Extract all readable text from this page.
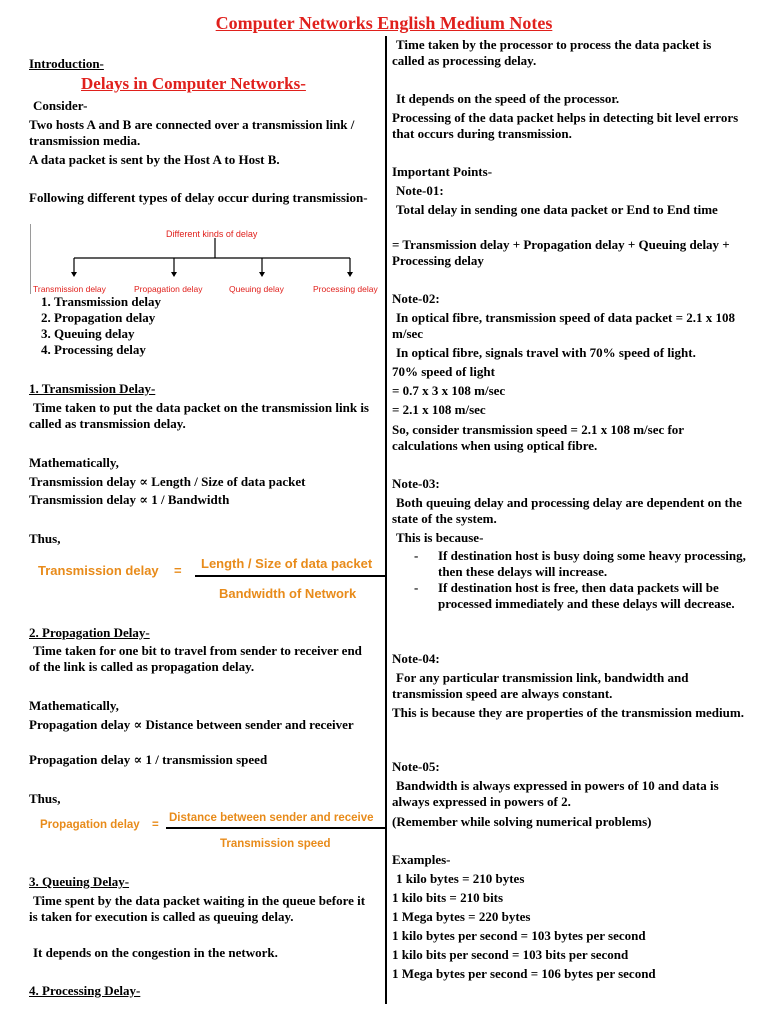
Computer Networks English Medium Notes
Introduction-
Delays in Computer Networks-
Consider-
Two hosts A and B are connected over a transmission link / transmission media.
A data packet is sent by the Host A to Host B.
Following different types of delay occur during transmission-
Different kinds of delay
Transmission delay	Propagation delay	Queuing delay	Processing delay
1. Transmission delay
2. Propagation delay
3. Queuing delay
4. Processing delay
1. Transmission Delay-
Time taken to put the data packet on the transmission link is called as transmission delay.
Mathematically,
Transmission delay ∝ Length / Size of data packet
Transmission delay ∝ 1 / Bandwidth
Thus,
Transmission delay = Length / Size of data packet
Bandwidth of Network
2. Propagation Delay-
Time taken for one bit to travel from sender to receiver end of the link is called as propagation delay.
Mathematically,
Propagation delay ∝ Distance between sender and receiver
Propagation delay ∝ 1 / transmission speed
Thus,
Propagation delay =
Distance between sender and receive
Transmission speed
3. Queuing Delay-
Time spent by the data packet waiting in the queue before it is taken for execution is called as queuing delay.
It depends on the congestion in the network.
4. Processing Delay-
Time taken by the processor to process the data packet is called as processing delay.
It depends on the speed of the processor.
Processing of the data packet helps in detecting bit level errors that occurs during transmission.
Important Points-
Note-01:
Total delay in sending one data packet or End to End time
= Transmission delay + Propagation delay + Queuing delay + Processing delay
Note-02:
In optical fibre, transmission speed of data packet = 2.1 x 108 m/sec
In optical fibre, signals travel with 70% speed of light.
70% speed of light
= 0.7 x 3 x 108 m/sec
= 2.1 x 108 m/sec
So, consider transmission speed = 2.1 x 108 m/sec for calculations when using optical fibre.
Note-03:
Both queuing delay and processing delay are dependent on the state of the system.
This is because-
- If destination host is busy doing some heavy processing, then these delays will increase.
- If destination host is free, then data packets will be processed immediately and these delays will decrease.
Note-04:
For any particular transmission link, bandwidth and transmission speed are always constant.
This is because they are properties of the transmission medium.
Note-05:
Bandwidth is always expressed in powers of 10 and data is always expressed in powers of 2.
(Remember while solving numerical problems)
Examples-
1 kilo bytes = 210 bytes
1 kilo bits = 210 bits
1 Mega bytes = 220 bytes
1 kilo bytes per second = 103 bytes per second
1 kilo bits per second = 103 bits per second
1 Mega bytes per second = 106 bytes per second
